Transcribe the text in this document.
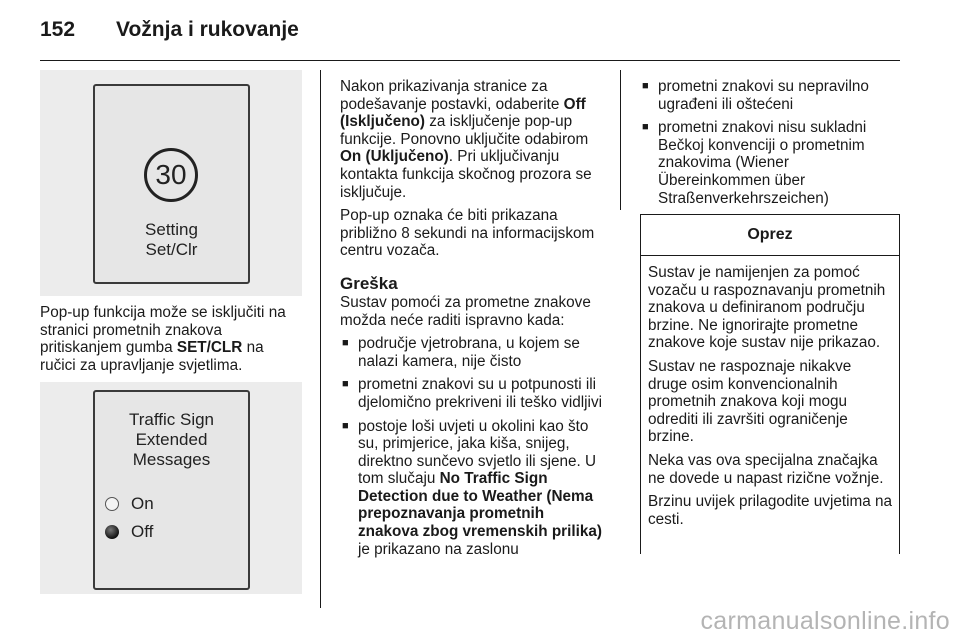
152 Vožnja i rukovanje
30
Setting
Set/Clr

Pop-up funkcija može se isključiti na stranici prometnih znakova pritiskanjem gumba SET/CLR na ručici za upravljanje svjetlima.

Traffic Sign
Extended
Messages
On
Off

Nakon prikazivanja stranice za podešavanje postavki, odaberite Off (Isključeno) za isključenje pop-up funkcije. Ponovno uključite odabirom On (Uključeno). Pri uključivanju kontakta funkcija skočnog prozora se isključuje.

Pop-up oznaka će biti prikazana približno 8 sekundi na informacijskom centru vozača.

Greška

Sustav pomoći za prometne znakove možda neće raditi ispravno kada:

■ područje vjetrobrana, u kojem se nalazi kamera, nije čisto
■ prometni znakovi su u potpunosti ili djelomično prekriveni ili teško vidljivi
■ postoje loši uvjeti u okolini kao što su, primjerice, jaka kiša, snijeg, direktno sunčevo svjetlo ili sjene. U tom slučaju No Traffic Sign Detection due to Weather (Nema prepoznavanja prometnih znakova zbog vremenskih prilika) je prikazano na zaslonu
■ prometni znakovi su nepravilno ugrađeni ili oštećeni
■ prometni znakovi nisu sukladni Bečkoj konvenciji o prometnim znakovima (Wiener Übereinkommen über Straßenverkehrszeichen)
Oprez

Sustav je namijenjen za pomoć vozaču u raspoznavanju prometnih znakova u definiranom području brzine. Ne ignorirajte prometne znakove koje sustav nije prikazao.

Sustav ne raspoznaje nikakve druge osim konvencionalnih prometnih znakova koji mogu odrediti ili završiti ograničenje brzine.

Neka vas ova specijalna značajka ne dovede u napast rizične vožnje.

Brzinu uvijek prilagodite uvjetima na cesti.

carmanualsonline.info
